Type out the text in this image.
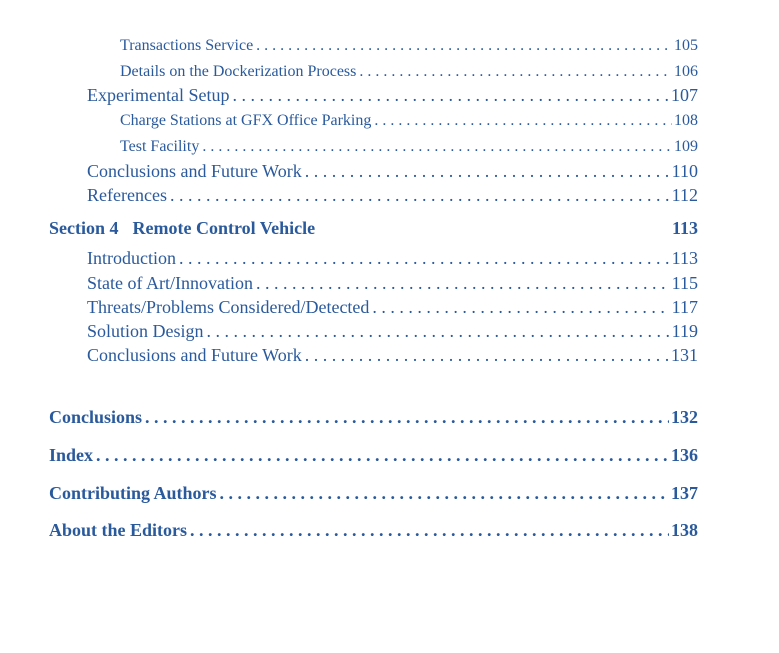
Transactions Service . . .	105
Details on the Dockerization Process . . .	106
Experimental Setup . . .	107
Charge Stations at GFX Office Parking . . .	108
Test Facility . . .	109
Conclusions and Future Work . . .	110
References . . .	112
Section 4 Remote Control Vehicle	113
Introduction . . .	113
State of Art/Innovation . . .	115
Threats/Problems Considered/Detected . . .	117
Solution Design . . .	119
Conclusions and Future Work . . .	131
Conclusions . . .	132
Index . . .	136
Contributing Authors . . .	137
About the Editors . . .	138
